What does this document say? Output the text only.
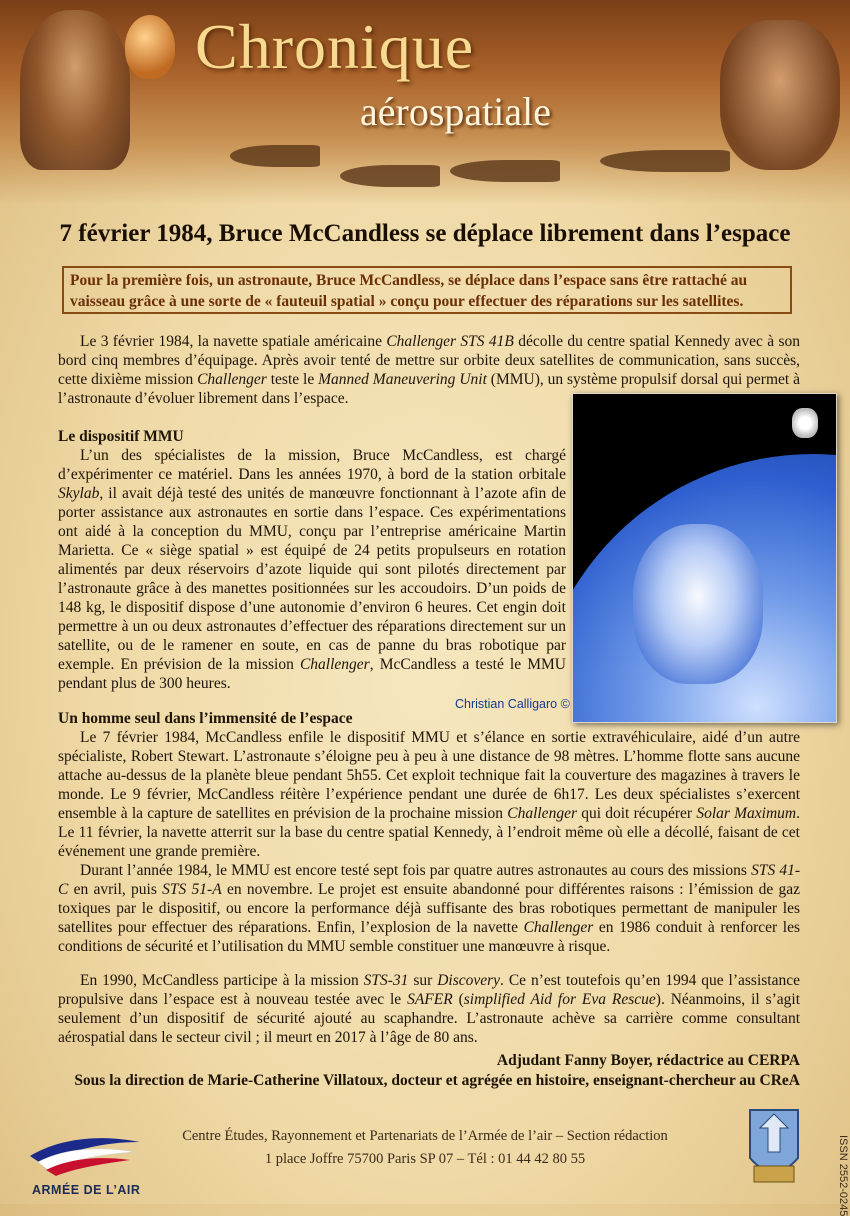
Chronique
aérospatiale
7 février 1984, Bruce McCandless se déplace librement dans l’espace
Pour la première fois, un astronaute, Bruce McCandless, se déplace dans l’espace sans être rattaché au vaisseau grâce à une sorte de « fauteuil spatial » conçu pour effectuer des réparations sur les satellites.

Le 3 février 1984, la navette spatiale américaine Challenger STS 41B décolle du centre spatial Kennedy avec à son bord cinq membres d’équipage. Après avoir tenté de mettre sur orbite deux satellites de communication, sans succès, cette dixième mission Challenger teste le Manned Maneuvering Unit (MMU), un système propulsif dorsal qui permet à l’astronaute d’évoluer librement dans l’espace.

Le dispositif MMU

L’un des spécialistes de la mission, Bruce McCandless, est chargé d’expérimenter ce matériel. Dans les années 1970, à bord de la station orbitale Skylab, il avait déjà testé des unités de manœuvre fonctionnant à l’azote afin de porter assistance aux astronautes en sortie dans l’espace. Ces expérimentations ont aidé à la conception du MMU, conçu par l’entreprise américaine Martin Marietta. Ce « siège spatial » est équipé de 24 petits propulseurs en rotation alimentés par deux réservoirs d’azote liquide qui sont pilotés directement par l’astronaute grâce à des manettes positionnées sur les accoudoirs. D’un poids de 148 kg, le dispositif dispose d’une autonomie d’environ 6 heures. Cet engin doit permettre à un ou deux astronautes d’effectuer des réparations directement sur un satellite, ou de le ramener en soute, en cas de panne du bras robotique par exemple. En prévision de la mission Challenger, McCandless a testé le MMU pendant plus de 300 heures.

Christian Calligaro ©

Un homme seul dans l’immensité de l’espace

Le 7 février 1984, McCandless enfile le dispositif MMU et s’élance en sortie extravéhiculaire, aidé d’un autre spécialiste, Robert Stewart. L’astronaute s’éloigne peu à peu à une distance de 98 mètres. L’homme flotte sans aucune attache au-dessus de la planète bleue pendant 5h55. Cet exploit technique fait la couverture des magazines à travers le monde. Le 9 février, McCandless réitère l’expérience pendant une durée de 6h17. Les deux spécialistes s’exercent ensemble à la capture de satellites en prévision de la prochaine mission Challenger qui doit récupérer Solar Maximum. Le 11 février, la navette atterrit sur la base du centre spatial Kennedy, à l’endroit même où elle a décollé, faisant de cet événement une grande première.

Durant l’année 1984, le MMU est encore testé sept fois par quatre autres astronautes au cours des missions STS 41-C en avril, puis STS 51-A en novembre. Le projet est ensuite abandonné pour différentes raisons : l’émission de gaz toxiques par le dispositif, ou encore la performance déjà suffisante des bras robotiques permettant de manipuler les satellites pour effectuer des réparations. Enfin, l’explosion de la navette Challenger en 1986 conduit à renforcer les conditions de sécurité et l’utilisation du MMU semble constituer une manœuvre à risque.

En 1990, McCandless participe à la mission STS-31 sur Discovery. Ce n’est toutefois qu’en 1994 que l’assistance propulsive dans l’espace est à nouveau testée avec le SAFER (simplified Aid for Eva Rescue). Néanmoins, il s’agit seulement d’un dispositif de sécurité ajouté au scaphandre. L’astronaute achève sa carrière comme consultant aérospatial dans le secteur civil ; il meurt en 2017 à l’âge de 80 ans.

Adjudant Fanny Boyer, rédactrice au CERPA

Sous la direction de Marie-Catherine Villatoux, docteur et agrégée en histoire, enseignant-chercheur au CReA

ARMÉE DE L’AIR
Centre Études, Rayonnement et Partenariats de l’Armée de l’air – Section rédaction
1 place Joffre 75700 Paris SP 07 – Tél : 01 44 42 80 55	ISSN 2552-0245
